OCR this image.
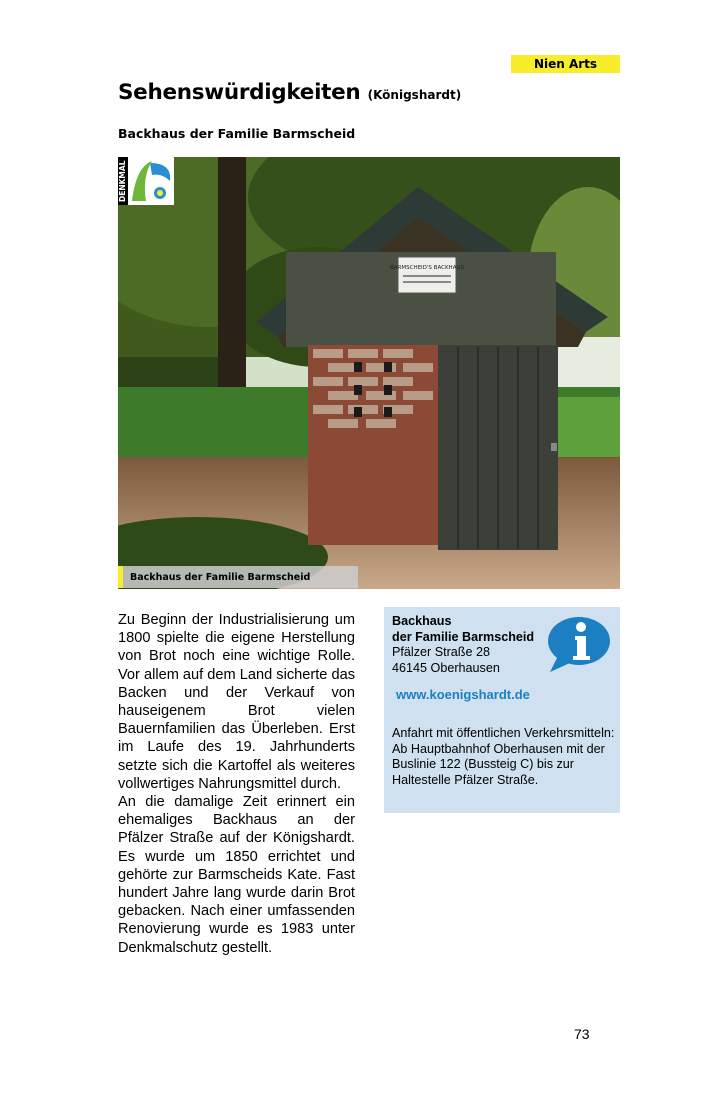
Nien Arts
Sehenswürdigkeiten (Königshardt)
Backhaus der Familie Barmscheid
BARMSCHEID'S BACKHAUS
DENKMAL
Backhaus der Familie Barmscheid

Zu Beginn der Industrialisierung um 1800 spielte die eigene Herstellung von Brot noch eine wichtige Rolle. Vor allem auf dem Land sicherte das Backen und der Verkauf von hauseigenem Brot vielen Bauernfamilien das Überleben. Erst im Laufe des 19. Jahrhunderts setzte sich die Kartoffel als weiteres vollwertiges Nahrungsmittel durch.

An die damalige Zeit erinnert ein ehemaliges Backhaus an der Pfälzer Straße auf der Königshardt. Es wurde um 1850 errichtet und gehörte zur Barmscheids Kate. Fast hundert Jahre lang wurde darin Brot gebacken. Nach einer umfassenden Renovierung wurde es 1983 unter Denkmalschutz gestellt.

Backhaus
der Familie Barmscheid
Pfälzer Straße 28
46145 Oberhausen
www.koenigshardt.de
Anfahrt mit öffentlichen Verkehrsmitteln:
Ab Hauptbahnhof Oberhausen mit der Buslinie 122 (Bussteig C) bis zur Haltestelle Pfälzer Straße.
73
